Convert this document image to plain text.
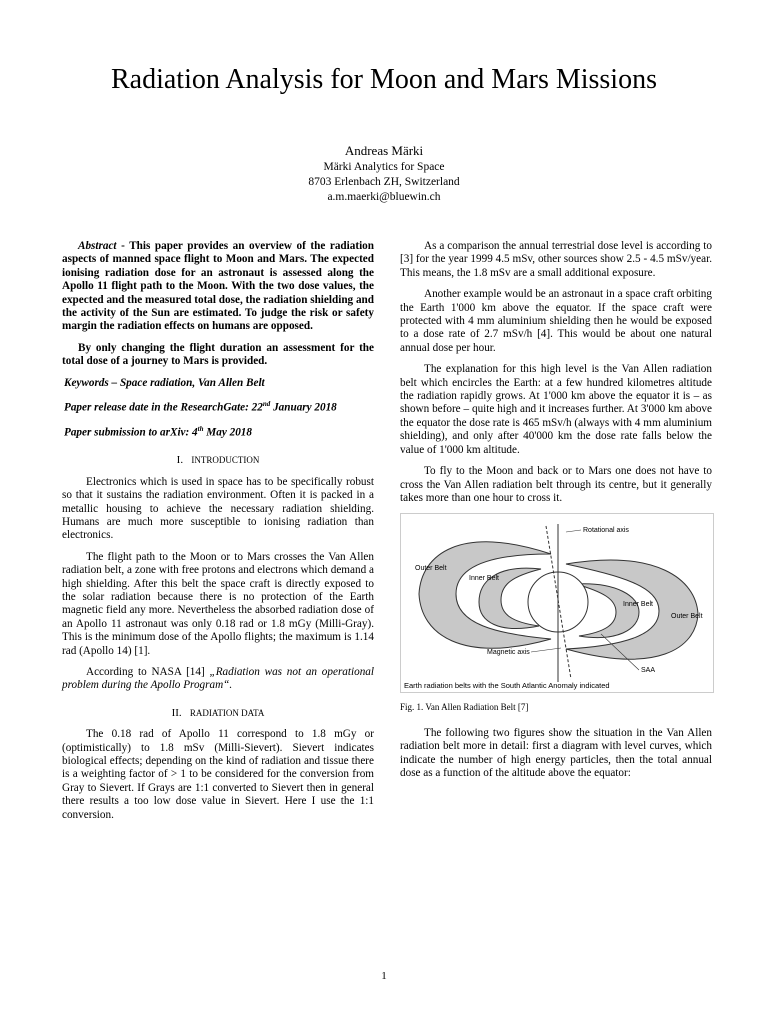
Radiation Analysis for Moon and Mars Missions
Andreas Märki
Märki Analytics for Space
8703 Erlenbach ZH, Switzerland
a.m.maerki@bluewin.ch

Abstract - This paper provides an overview of the radiation aspects of manned space flight to Moon and Mars. The expected ionising radiation dose for an astronaut is assessed along the Apollo 11 flight path to the Moon. With the two dose values, the expected and the measured total dose, the radiation shielding and the activity of the Sun are estimated. To judge the risk or safety margin the radiation effects on humans are opposed.

By only changing the flight duration an assessment for the total dose of a journey to Mars is provided.

Keywords – Space radiation, Van Allen Belt
Paper release date in the ResearchGate: 22nd January 2018
Paper submission to arXiv: 4th May 2018
I. INTRODUCTION

Electronics which is used in space has to be specifically robust so that it sustains the radiation environment. Often it is packed in a metallic housing to achieve the necessary radiation shielding. Humans are much more susceptible to ionising radiation than electronics.

The flight path to the Moon or to Mars crosses the Van Allen radiation belt, a zone with free protons and electrons which demand a high shielding. After this belt the space craft is directly exposed to the solar radiation because there is no protection of the Earth magnetic field any more. Nevertheless the absorbed radiation dose of an Apollo 11 astronaut was only 0.18 rad or 1.8 mGy (Milli-Gray). This is the minimum dose of the Apollo flights; the maximum is 1.14 rad (Apollo 14) [1].

According to NASA [14] „Radiation was not an operational problem during the Apollo Program“.

II. RADIATION DATA

The 0.18 rad of Apollo 11 correspond to 1.8 mGy or (optimistically) to 1.8 mSv (Milli-Sievert). Sievert indicates biological effects; depending on the kind of radiation and tissue there is a weighting factor of > 1 to be considered for the conversion from Gray to Sievert. If Grays are 1:1 converted to Sievert then in general there results a too low dose value in Sievert. Here I use the 1:1 conversion.

As a comparison the annual terrestrial dose level is according to [3] for the year 1999 4.5 mSv, other sources show 2.5 - 4.5 mSv/year. This means, the 1.8 mSv are a small additional exposure.

Another example would be an astronaut in a space craft orbiting the Earth 1'000 km above the equator. If the space craft were protected with 4 mm aluminium shielding then he would be exposed to a dose rate of 2.7 mSv/h [4]. This would be about one natural annual dose per hour.

The explanation for this high level is the Van Allen radiation belt which encircles the Earth: at a few hundred kilometres altitude the radiation rapidly grows. At 1'000 km above the equator it is – as shown before – quite high and it increases further. At 3'000 km above the equator the dose rate is 465 mSv/h (always with 4 mm aluminium shielding), and only after 40'000 km the dose rate falls below the value of 1'000 km altitude.

To fly to the Moon and back or to Mars one does not have to cross the Van Allen radiation belt through its centre, but it generally takes more than one hour to cross it.

Rotational axis
Outer Belt
Inner Belt
Inner Belt
Outer Belt
Magnetic axis
SAA
Earth radiation belts with the South Atlantic Anomaly indicated
Fig. 1. Van Allen Radiation Belt [7]

The following two figures show the situation in the Van Allen radiation belt more in detail: first a diagram with level curves, which indicate the number of high energy particles, then the total annual dose as a function of the altitude above the equator:

1
